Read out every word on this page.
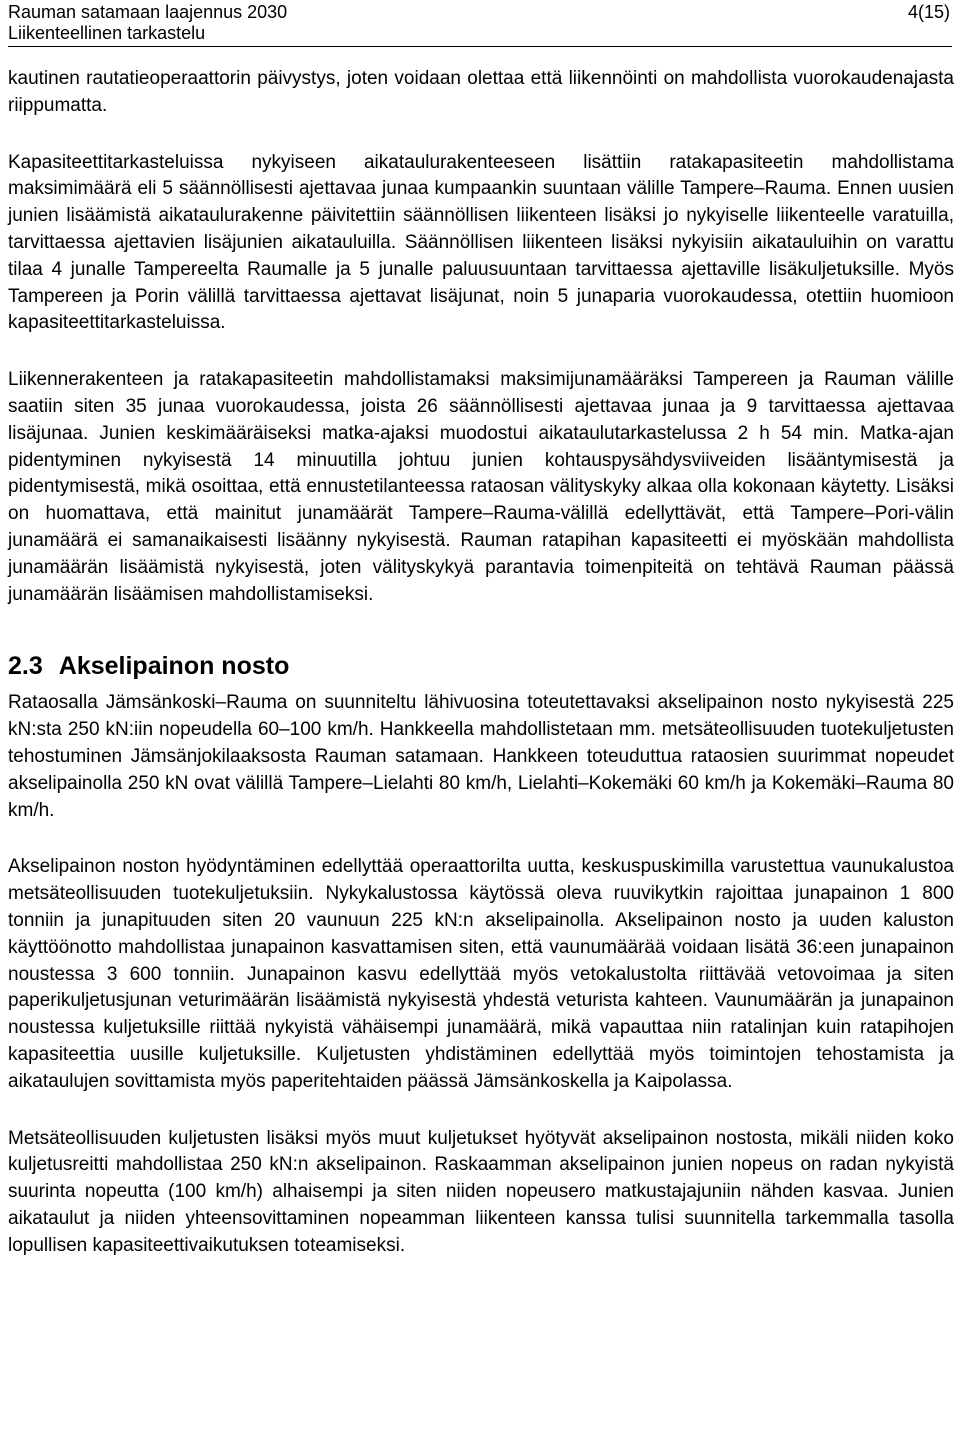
Rauman satamaan laajennus 2030
Liikenteellinen tarkastelu
4(15)

kautinen rautatieoperaattorin päivystys, joten voidaan olettaa että liikennöinti on mahdollista vuorokaudenajasta riippumatta.

Kapasiteettitarkasteluissa nykyiseen aikataulurakenteeseen lisättiin ratakapasiteetin mahdollistama maksimimäärä eli 5 säännöllisesti ajettavaa junaa kumpaankin suuntaan välille Tampere–Rauma. Ennen uusien junien lisäämistä aikataulurakenne päivitettiin säännöllisen liikenteen lisäksi jo nykyiselle liikenteelle varatuilla, tarvittaessa ajettavien lisäjunien aikatauluilla. Säännöllisen liikenteen lisäksi nykyisiin aikatauluihin on varattu tilaa 4 junalle Tampereelta Raumalle ja 5 junalle paluusuuntaan tarvittaessa ajettaville lisäkuljetuksille. Myös Tampereen ja Porin välillä tarvittaessa ajettavat lisäjunat, noin 5 junaparia vuorokaudessa, otettiin huomioon kapasiteettitarkasteluissa.

Liikennerakenteen ja ratakapasiteetin mahdollistamaksi maksimijunamääräksi Tampereen ja Rauman välille saatiin siten 35 junaa vuorokaudessa, joista 26 säännöllisesti ajettavaa junaa ja 9 tarvittaessa ajettavaa lisäjunaa. Junien keskimääräiseksi matka-ajaksi muodostui aikataulutarkastelussa 2 h 54 min. Matka-ajan pidentyminen nykyisestä 14 minuutilla johtuu junien kohtauspysähdysviiveiden lisääntymisestä ja pidentymisestä, mikä osoittaa, että ennustetilanteessa rataosan välityskyky alkaa olla kokonaan käytetty. Lisäksi on huomattava, että mainitut junamäärät Tampere–Rauma-välillä edellyttävät, että Tampere–Pori-välin junamäärä ei samanaikaisesti lisäänny nykyisestä. Rauman ratapihan kapasiteetti ei myöskään mahdollista junamäärän lisäämistä nykyisestä, joten välityskykyä parantavia toimenpiteitä on tehtävä Rauman päässä junamäärän lisäämisen mahdollistamiseksi.

2.3 Akselipainon nosto

Rataosalla Jämsänkoski–Rauma on suunniteltu lähivuosina toteutettavaksi akselipainon nosto nykyisestä 225 kN:sta 250 kN:iin nopeudella 60–100 km/h. Hankkeella mahdollistetaan mm. metsäteollisuuden tuotekuljetusten tehostuminen Jämsänjokilaaksosta Rauman satamaan. Hankkeen toteuduttua rataosien suurimmat nopeudet akselipainolla 250 kN ovat välillä Tampere–Lielahti 80 km/h, Lielahti–Kokemäki 60 km/h ja Kokemäki–Rauma 80 km/h.

Akselipainon noston hyödyntäminen edellyttää operaattorilta uutta, keskuspuskimilla varustettua vaunukalustoa metsäteollisuuden tuotekuljetuksiin. Nykykalustossa käytössä oleva ruuvikytkin rajoittaa junapainon 1 800 tonniin ja junapituuden siten 20 vaunuun 225 kN:n akselipainolla. Akselipainon nosto ja uuden kaluston käyttöönotto mahdollistaa junapainon kasvattamisen siten, että vaunumäärää voidaan lisätä 36:een junapainon noustessa 3 600 tonniin. Junapainon kasvu edellyttää myös vetokalustolta riittävää vetovoimaa ja siten paperikuljetusjunan veturimäärän lisäämistä nykyisestä yhdestä veturista kahteen. Vaunumäärän ja junapainon noustessa kuljetuksille riittää nykyistä vähäisempi junamäärä, mikä vapauttaa niin ratalinjan kuin ratapihojen kapasiteettia uusille kuljetuksille. Kuljetusten yhdistäminen edellyttää myös toimintojen tehostamista ja aikataulujen sovittamista myös paperitehtaiden päässä Jämsänkoskella ja Kaipolassa.

Metsäteollisuuden kuljetusten lisäksi myös muut kuljetukset hyötyvät akselipainon nostosta, mikäli niiden koko kuljetusreitti mahdollistaa 250 kN:n akselipainon. Raskaamman akselipainon junien nopeus on radan nykyistä suurinta nopeutta (100 km/h) alhaisempi ja siten niiden nopeusero matkustajajuniin nähden kasvaa. Junien aikataulut ja niiden yhteensovittaminen nopeamman liikenteen kanssa tulisi suunnitella tarkemmalla tasolla lopullisen kapasiteettivaikutuksen toteamiseksi.
